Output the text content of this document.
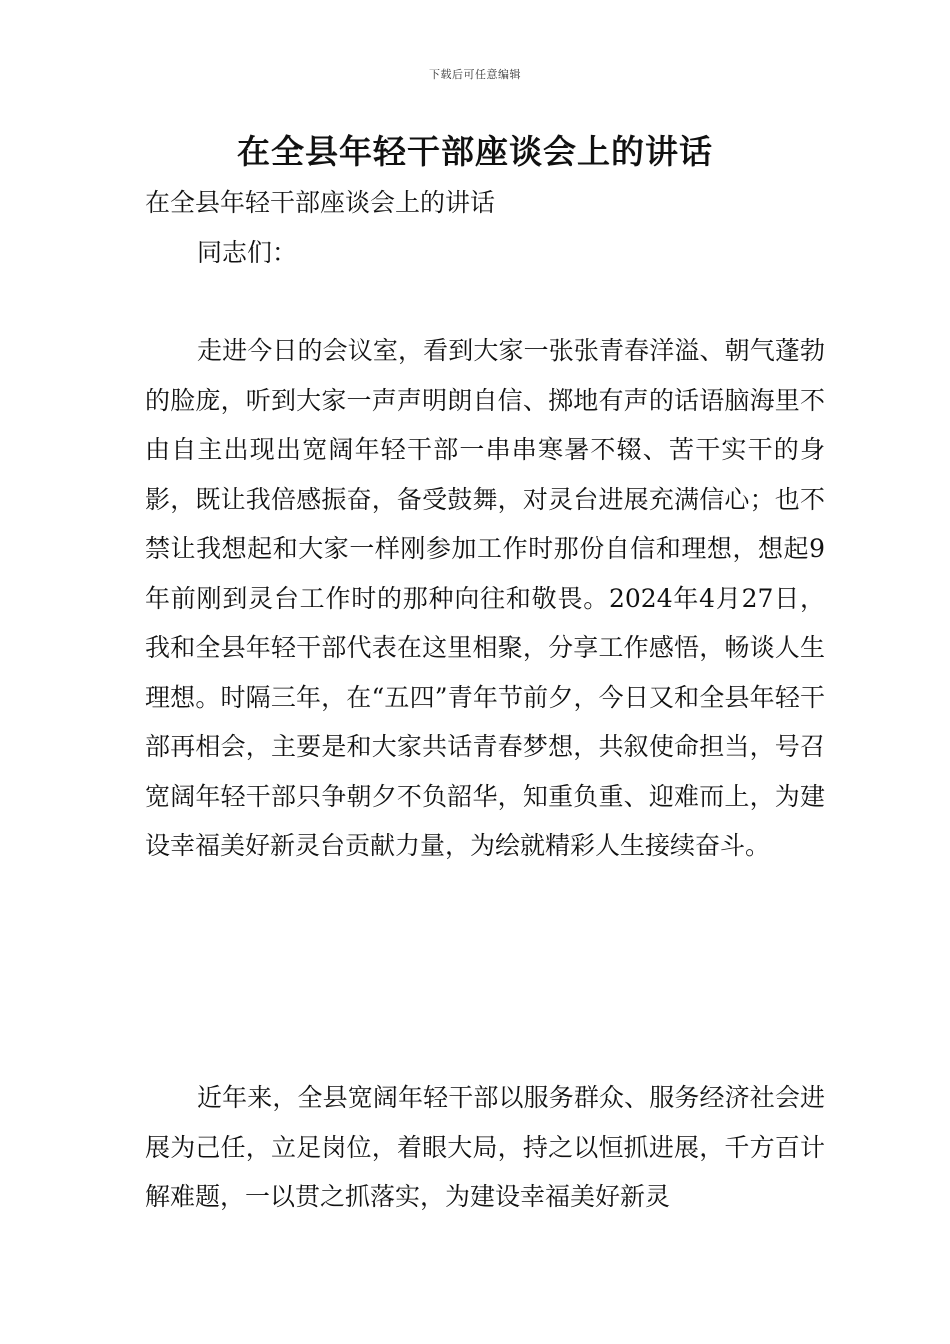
下载后可任意编辑
在全县年轻干部座谈会上的讲话

在全县年轻干部座谈会上的讲话

同志们：

走进今日的会议室，看到大家一张张青春洋溢、朝气蓬勃的脸庞，听到大家一声声明朗自信、掷地有声的话语脑海里不由自主出现出宽阔年轻干部一串串寒暑不辍、苦干实干的身影，既让我倍感振奋，备受鼓舞，对灵台进展充满信心；也不禁让我想起和大家一样刚参加工作时那份自信和理想，想起9年前刚到灵台工作时的那种向往和敬畏。2024年4月27日，我和全县年轻干部代表在这里相聚，分享工作感悟，畅谈人生理想。时隔三年，在“五四”青年节前夕，今日又和全县年轻干部再相会，主要是和大家共话青春梦想，共叙使命担当，号召宽阔年轻干部只争朝夕不负韶华，知重负重、迎难而上，为建设幸福美好新灵台贡献力量，为绘就精彩人生接续奋斗。

近年来，全县宽阔年轻干部以服务群众、服务经济社会进展为己任，立足岗位，着眼大局，持之以恒抓进展，千方百计解难题，一以贯之抓落实，为建设幸福美好新灵
